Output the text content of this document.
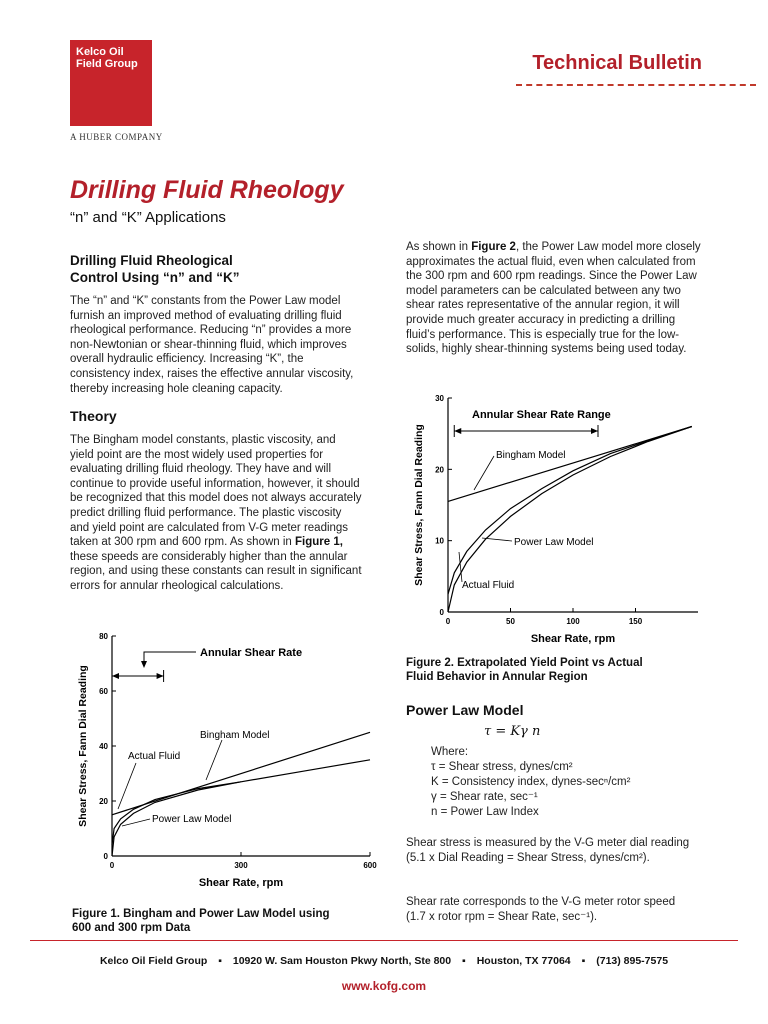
Kelco Oil
Field Group
A HUBER COMPANY
Technical Bulletin
Drilling Fluid Rheology
“n” and “K” Applications
Drilling Fluid Rheological
Control Using “n” and “K”
The “n” and “K” constants from the Power Law model furnish an improved method of evaluating drilling fluid rheological performance. Reducing “n” provides a more non-Newtonian or shear-thinning fluid, which improves overall hydraulic efficiency. Increasing “K”, the consistency index, raises the effective annular viscosity, thereby increasing hole cleaning capacity.
Theory
The Bingham model constants, plastic viscosity, and yield point are the most widely used properties for evaluating drilling fluid rheology. They have and will continue to provide useful information, however, it should be recognized that this model does not always accurately predict drilling fluid performance. The plastic viscosity and yield point are calculated from V-G meter readings taken at 300 rpm and 600 rpm. As shown in Figure 1, these speeds are considerably higher than the annular region, and using these constants can result in significant errors for annular rheological calculations.
0
20
40
60
80
0	300	600
Shear Rate, rpm
Shear Stress, Fann Dial Reading
Annular Shear Rate
Bingham Model
Actual Fluid
Power Law Model
Figure 1. Bingham and Power Law Model using
600 and 300 rpm Data
As shown in Figure 2, the Power Law model more closely approximates the actual fluid, even when calculated from the 300 rpm and 600 rpm readings. Since the Power Law model parameters can be calculated between any two shear rates representative of the annular region, it will provide much greater accuracy in predicting a drilling fluid’s performance. This is especially true for the low-solids, highly shear-thinning systems being used today.
0
10
20
30
0	50	100	150
Shear Rate, rpm
Shear Stress, Fann Dial Reading
Annular Shear Rate Range
Bingham Model
Power Law Model
Actual Fluid
Figure 2. Extrapolated Yield Point vs Actual
Fluid Behavior in Annular Region
Power Law Model
τ = Kγ n
Where:
τ = Shear stress, dynes/cm²
K = Consistency index, dynes-secⁿ/cm²
γ = Shear rate, sec⁻¹
n = Power Law Index
Shear stress is measured by the V-G meter dial reading (5.1 x Dial Reading = Shear Stress, dynes/cm²).
Shear rate corresponds to the V-G meter rotor speed (1.7 x rotor rpm = Shear Rate, sec⁻¹).
Kelco Oil Field Group ▪ 10920 W. Sam Houston Pkwy North, Ste 800 ▪ Houston, TX 77064 ▪ (713) 895-7575
www.kofg.com
